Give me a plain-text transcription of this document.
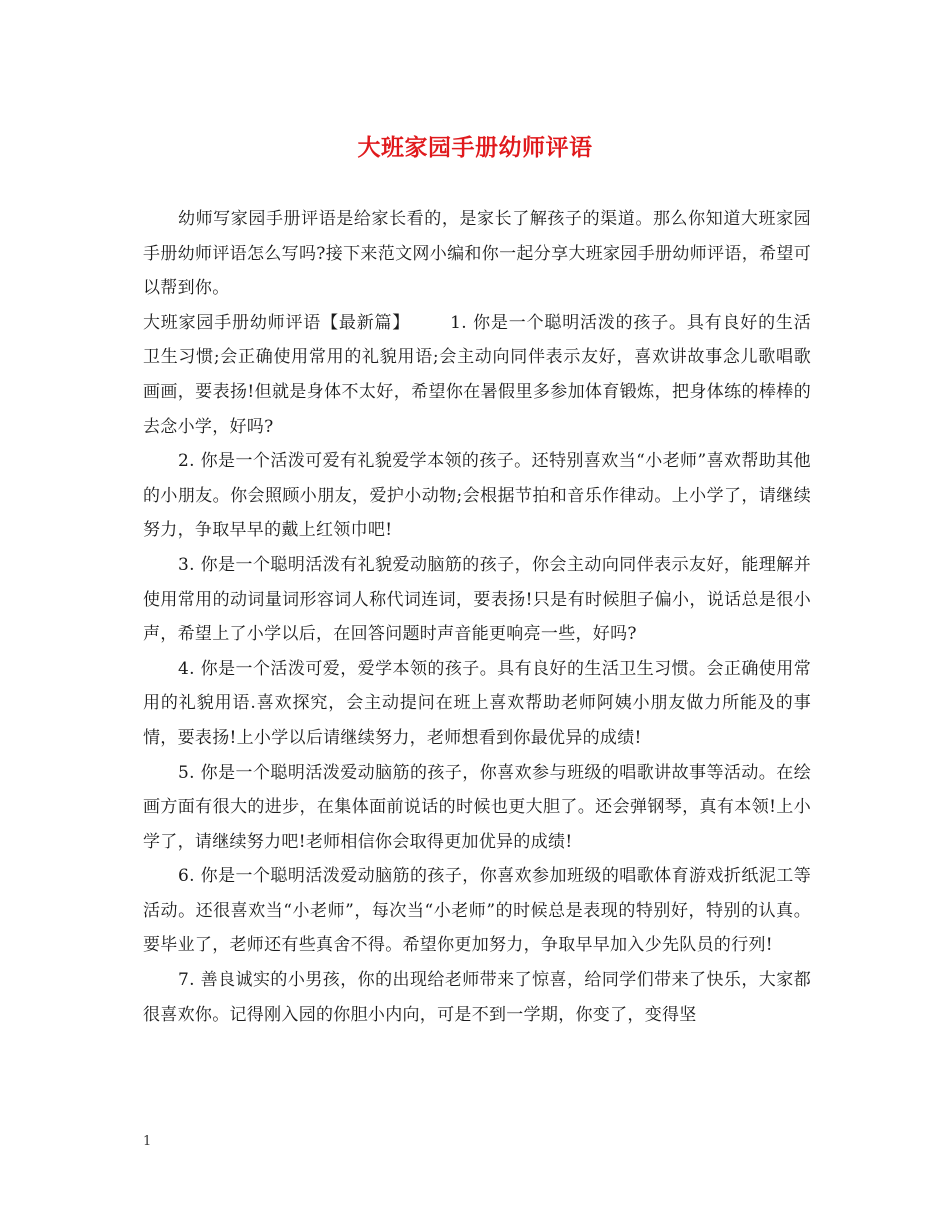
大班家园手册幼师评语

幼师写家园手册评语是给家长看的，是家长了解孩子的渠道。那么你知道大班家园手册幼师评语怎么写吗?接下来范文网小编和你一起分享大班家园手册幼师评语，希望可以帮到你。

大班家园手册幼师评语【最新篇】 1. 你是一个聪明活泼的孩子。具有良好的生活卫生习惯;会正确使用常用的礼貌用语;会主动向同伴表示友好，喜欢讲故事念儿歌唱歌画画，要表扬!但就是身体不太好，希望你在暑假里多参加体育锻炼，把身体练的棒棒的去念小学，好吗?

2. 你是一个活泼可爱有礼貌爱学本领的孩子。还特别喜欢当“小老师”喜欢帮助其他的小朋友。你会照顾小朋友，爱护小动物;会根据节拍和音乐作律动。上小学了，请继续努力，争取早早的戴上红领巾吧!

3. 你是一个聪明活泼有礼貌爱动脑筋的孩子，你会主动向同伴表示友好，能理解并使用常用的动词量词形容词人称代词连词，要表扬!只是有时候胆子偏小，说话总是很小声，希望上了小学以后，在回答问题时声音能更响亮一些，好吗?

4. 你是一个活泼可爱，爱学本领的孩子。具有良好的生活卫生习惯。会正确使用常用的礼貌用语.喜欢探究，会主动提问在班上喜欢帮助老师阿姨小朋友做力所能及的事情，要表扬!上小学以后请继续努力，老师想看到你最优异的成绩!

5. 你是一个聪明活泼爱动脑筋的孩子，你喜欢参与班级的唱歌讲故事等活动。在绘画方面有很大的进步，在集体面前说话的时候也更大胆了。还会弹钢琴，真有本领!上小学了，请继续努力吧!老师相信你会取得更加优异的成绩!

6. 你是一个聪明活泼爱动脑筋的孩子，你喜欢参加班级的唱歌体育游戏折纸泥工等活动。还很喜欢当“小老师”，每次当“小老师”的时候总是表现的特别好，特别的认真。要毕业了，老师还有些真舍不得。希望你更加努力，争取早早加入少先队员的行列!

7. 善良诚实的小男孩，你的出现给老师带来了惊喜，给同学们带来了快乐，大家都很喜欢你。记得刚入园的你胆小内向，可是不到一学期，你变了，变得坚

1
